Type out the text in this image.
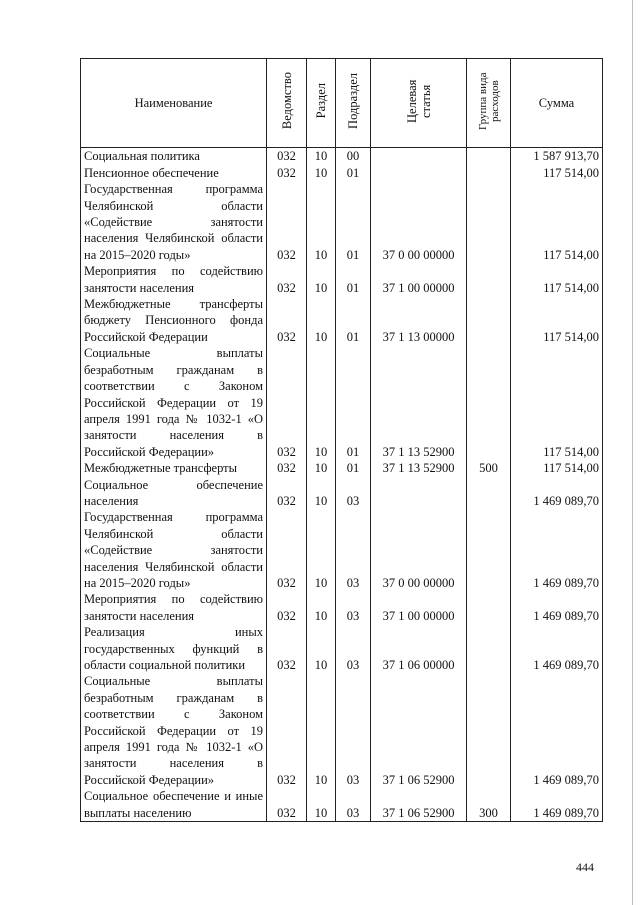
Наименование	Ведомство	Раздел	Подраздел	Целевая статья	Группа вида расходов	Сумма
Социальная политика	032	10	00			1 587 913,70
Пенсионное обеспечение	032	10	01			117 514,00
Государственная программа Челябинской области «Содействие занятости населения Челябинской области на 2015–2020 годы»	032	10	01	37 0 00 00000		117 514,00
Мероприятия по содействию занятости населения	032	10	01	37 1 00 00000		117 514,00
Межбюджетные трансферты бюджету Пенсионного фонда Российской Федерации	032	10	01	37 1 13 00000		117 514,00
Социальные выплаты безработным гражданам в соответствии с Законом Российской Федерации от 19 апреля 1991 года № 1032-1 «О занятости населения в Российской Федерации»	032	10	01	37 1 13 52900		117 514,00
Межбюджетные трансферты	032	10	01	37 1 13 52900	500	117 514,00
Социальное обеспечение населения	032	10	03			1 469 089,70
Государственная программа Челябинской области «Содействие занятости населения Челябинской области на 2015–2020 годы»	032	10	03	37 0 00 00000		1 469 089,70
Мероприятия по содействию занятости населения	032	10	03	37 1 00 00000		1 469 089,70
Реализация иных государственных функций в области социальной политики	032	10	03	37 1 06 00000		1 469 089,70
Социальные выплаты безработным гражданам в соответствии с Законом Российской Федерации от 19 апреля 1991 года № 1032-1 «О занятости населения в Российской Федерации»	032	10	03	37 1 06 52900		1 469 089,70
Социальное обеспечение и иные выплаты населению	032	10	03	37 1 06 52900	300	1 469 089,70
444
